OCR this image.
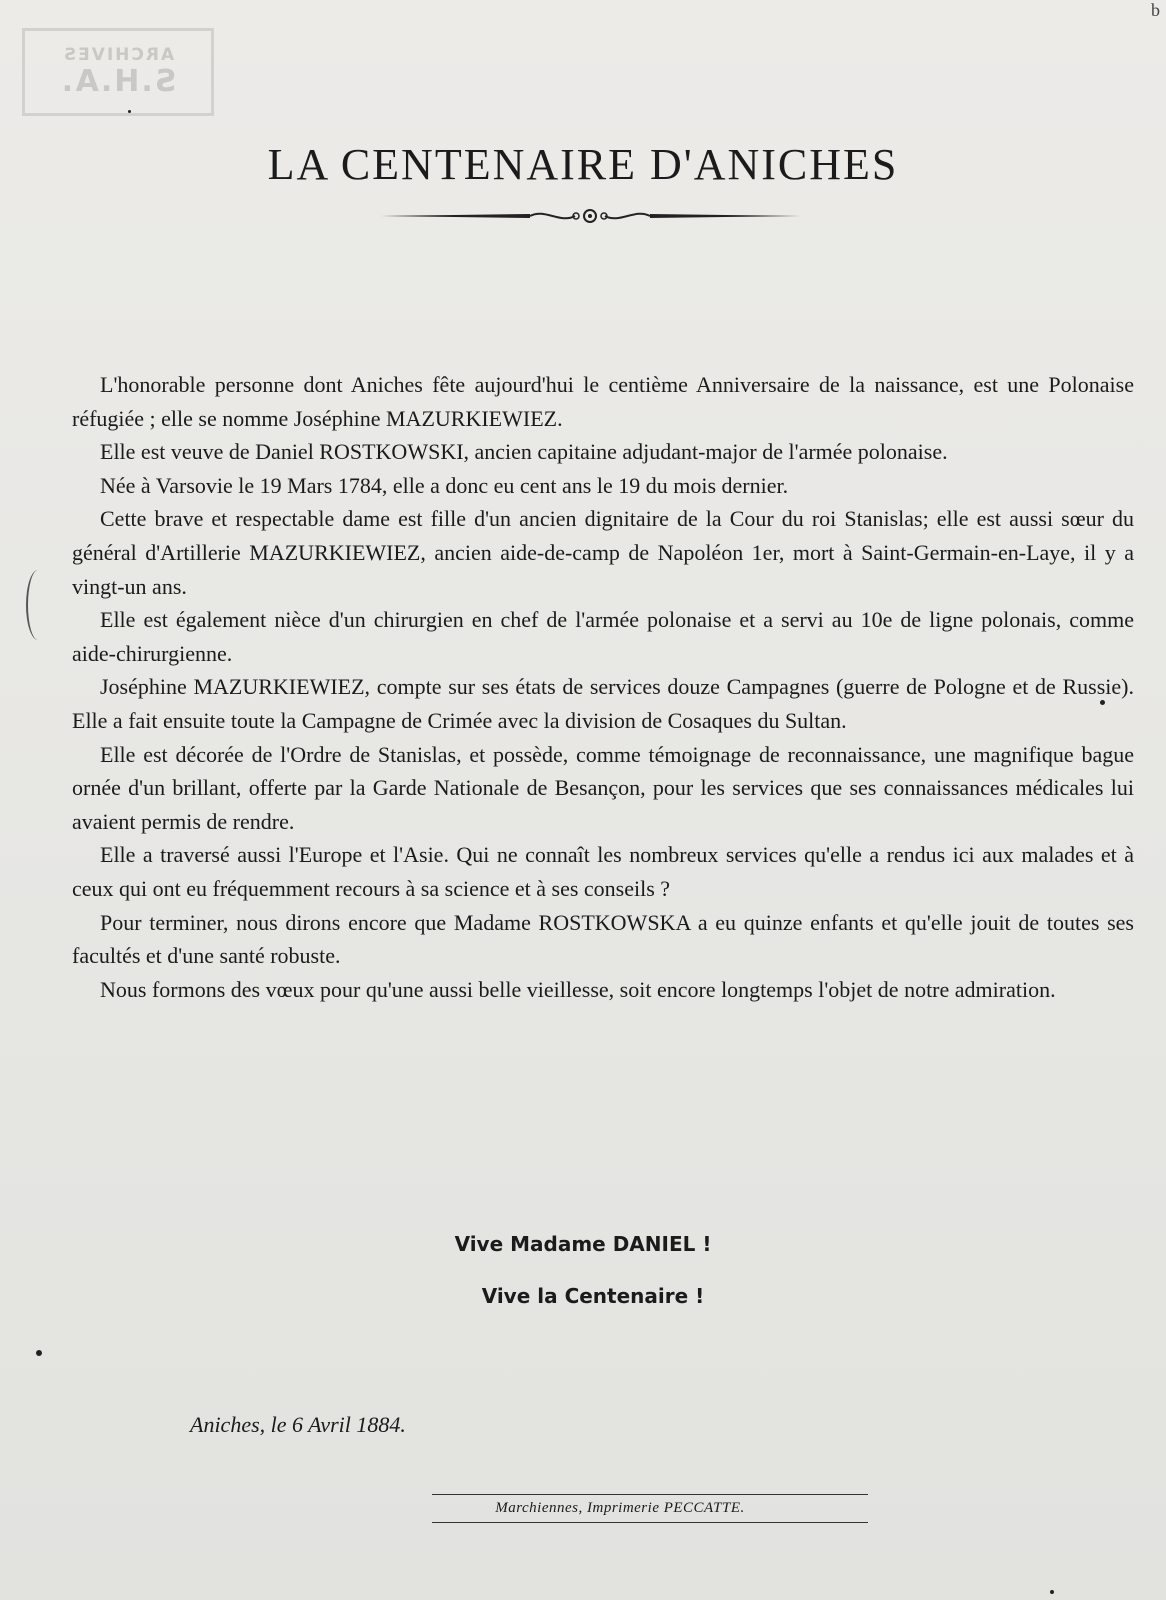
ARCHIVES
S.H.A.
b
LA CENTENAIRE D'ANICHES

L'honorable personne dont Aniches fête aujourd'hui le centième Anniversaire de la naissance, est une Polonaise réfugiée ; elle se nomme Joséphine MAZURKIEWIEZ.

Elle est veuve de Daniel ROSTKOWSKI, ancien capitaine adjudant-major de l'armée polonaise.

Née à Varsovie le 19 Mars 1784, elle a donc eu cent ans le 19 du mois dernier.

Cette brave et respectable dame est fille d'un ancien dignitaire de la Cour du roi Stanislas; elle est aussi sœur du général d'Artillerie MAZURKIEWIEZ, ancien aide-de-camp de Napoléon 1er, mort à Saint-Germain-en-Laye, il y a vingt-un ans.

Elle est également nièce d'un chirurgien en chef de l'armée polonaise et a servi au 10e de ligne polonais, comme aide-chirurgienne.

Joséphine MAZURKIEWIEZ, compte sur ses états de services douze Campagnes (guerre de Pologne et de Russie). Elle a fait ensuite toute la Campagne de Crimée avec la division de Cosaques du Sultan.

Elle est décorée de l'Ordre de Stanislas, et possède, comme témoignage de reconnaissance, une magnifique bague ornée d'un brillant, offerte par la Garde Nationale de Besançon, pour les services que ses connaissances médicales lui avaient permis de rendre.

Elle a traversé aussi l'Europe et l'Asie. Qui ne connaît les nombreux services qu'elle a rendus ici aux malades et à ceux qui ont eu fréquemment recours à sa science et à ses conseils ?

Pour terminer, nous dirons encore que Madame ROSTKOWSKA a eu quinze enfants et qu'elle jouit de toutes ses facultés et d'une santé robuste.

Nous formons des vœux pour qu'une aussi belle vieillesse, soit encore longtemps l'objet de notre admiration.

Vive Madame DANIEL !
Vive la Centenaire !
Aniches, le 6 Avril 1884.
Marchiennes, Imprimerie PECCATTE.
